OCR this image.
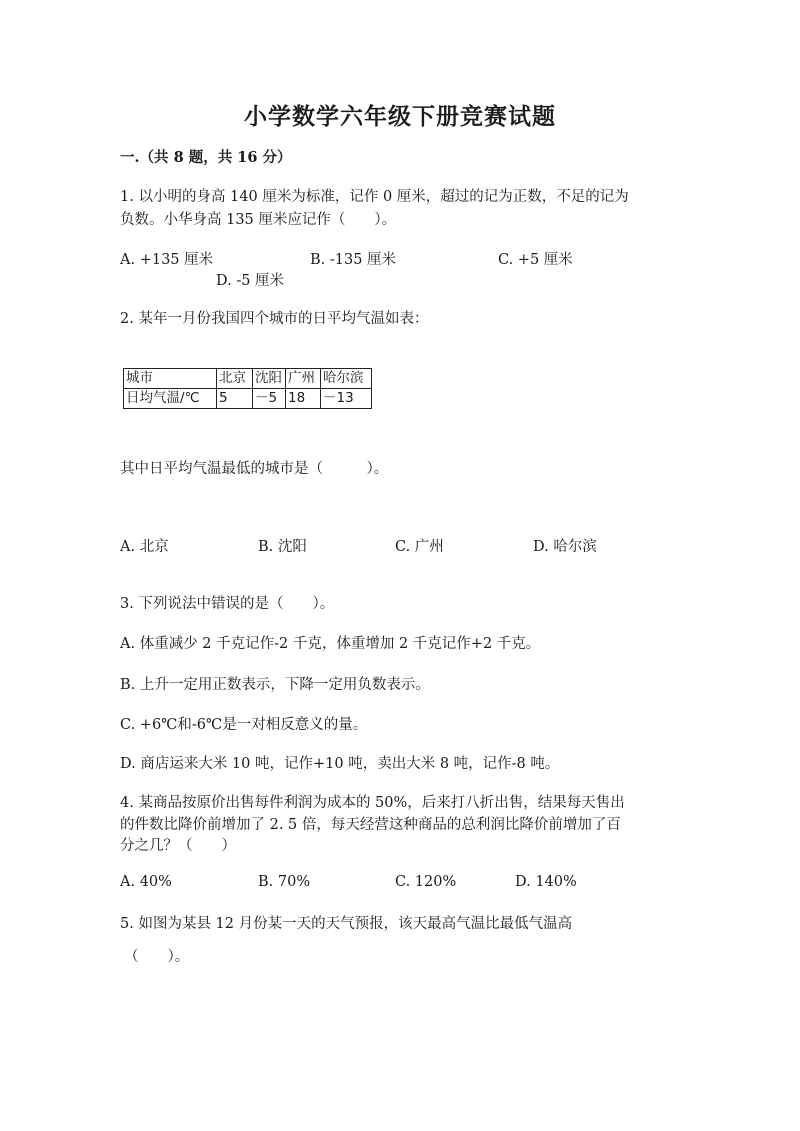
小学数学六年级下册竞赛试题
一.（共 8 题，共 16 分）
1. 以小明的身高 140 厘米为标准，记作 0 厘米，超过的记为正数，不足的记为
负数。小华身高 135 厘米应记作（　　）。
A. +135 厘米	B. -135 厘米	C. +5 厘米
D. -5 厘米
2. 某年一月份我国四个城市的日平均气温如表：
城市	北京	沈阳	广州	哈尔滨
日均气温/℃	5	－5	18	－13
其中日平均气温最低的城市是（　　　）。
A. 北京	B. 沈阳	C. 广州	D. 哈尔滨
3. 下列说法中错误的是（　　）。
A. 体重减少 2 千克记作-2 千克，体重增加 2 千克记作+2 千克。
B. 上升一定用正数表示，下降一定用负数表示。
C. +6℃和-6℃是一对相反意义的量。
D. 商店运来大米 10 吨，记作+10 吨，卖出大米 8 吨，记作-8 吨。
4. 某商品按原价出售每件利润为成本的 50%，后来打八折出售，结果每天售出
的件数比降价前增加了 2. 5 倍，每天经营这种商品的总利润比降价前增加了百
分之几？（　　）
A. 40%	B. 70%	C. 120%	D. 140%
5. 如图为某县 12 月份某一天的天气预报，该天最高气温比最低气温高
（　　）。
